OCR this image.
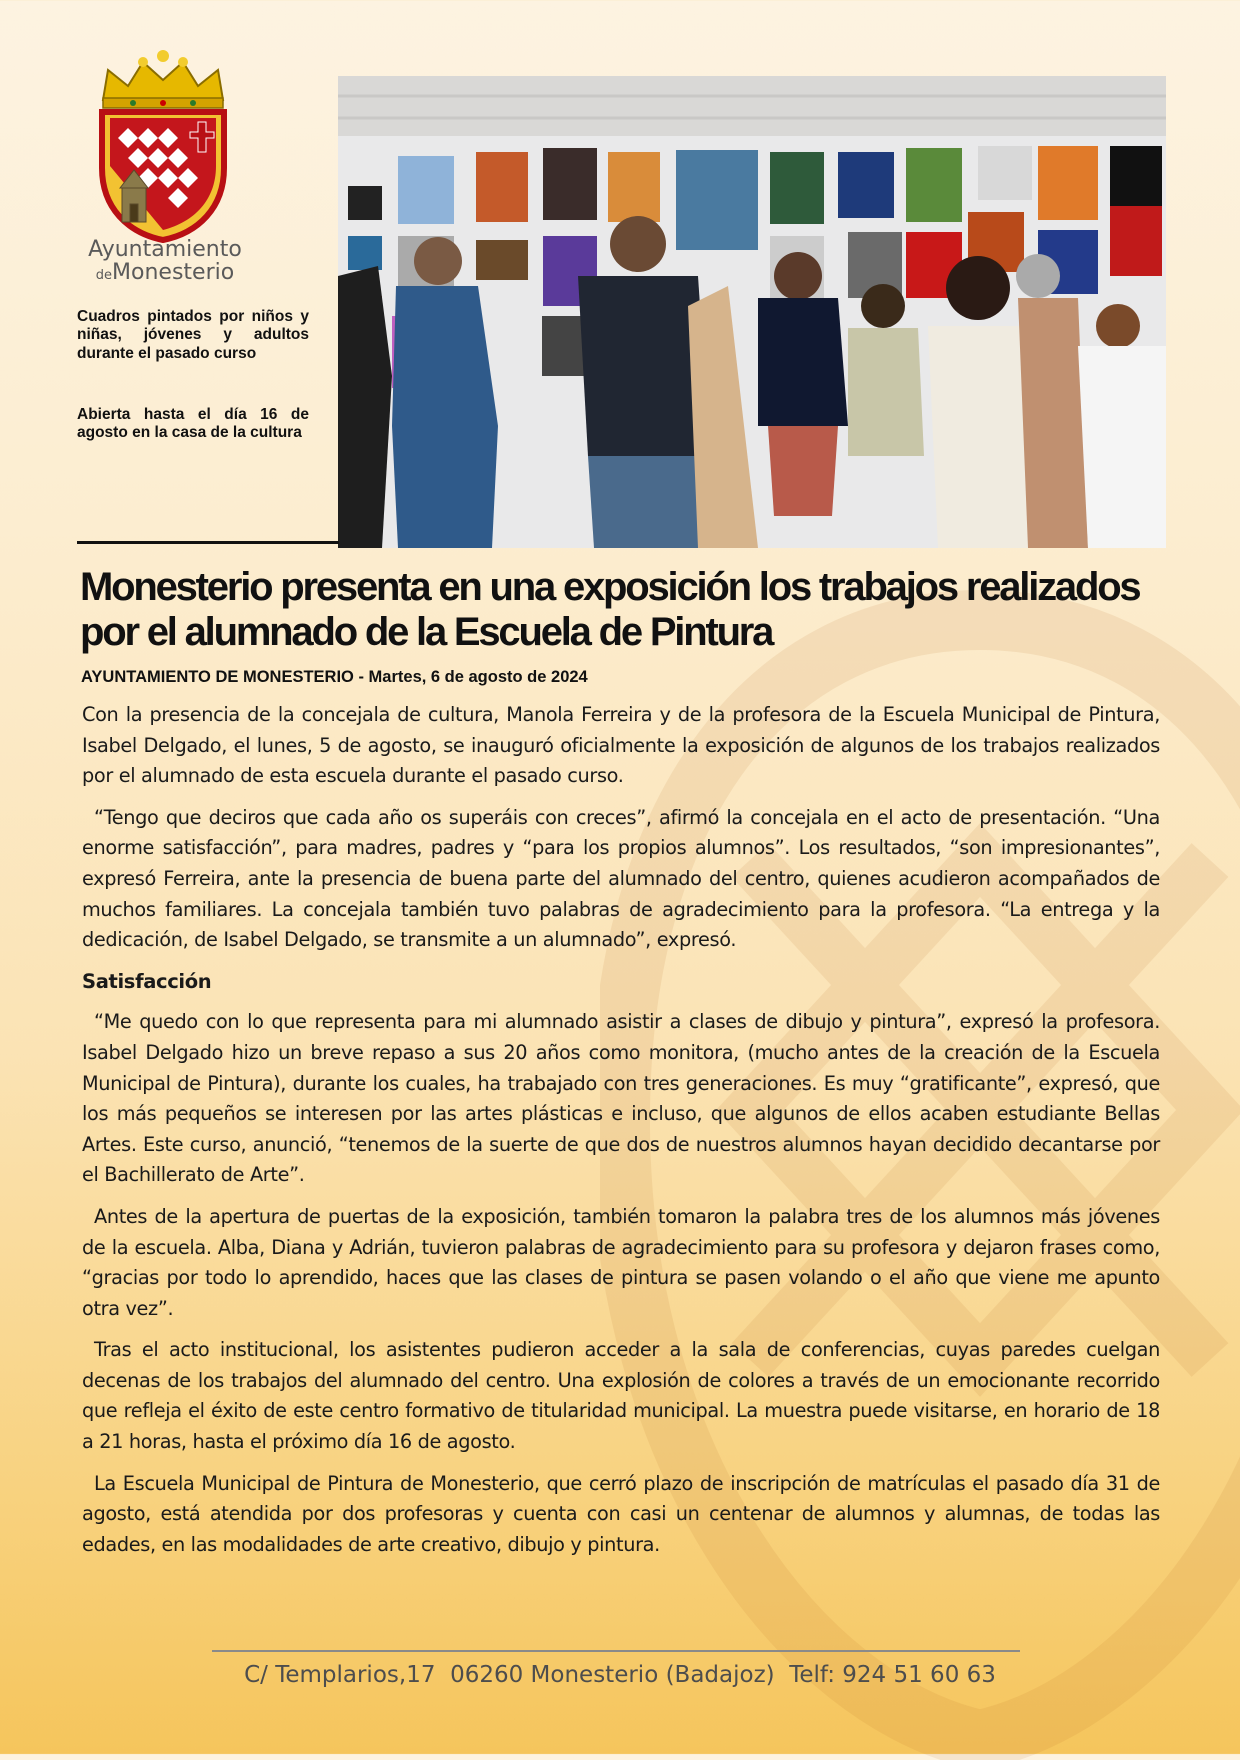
Ayuntamiento
deMonesterio
Cuadros pintados por niños y niñas, jóvenes y adultos durante el pasado curso
Abierta hasta el día 16 de agosto en la casa de la cultura
Monesterio presenta en una exposición los trabajos realizados por el alumnado de la Escuela de Pintura
AYUNTAMIENTO DE MONESTERIO - Martes, 6 de agosto de 2024

Con la presencia de la concejala de cultura, Manola Ferreira y de la profesora de la Escuela Municipal de Pintura, Isabel Delgado, el lunes, 5 de agosto, se inauguró oficialmente la exposición de algunos de los trabajos realizados por el alumnado de esta escuela durante el pasado curso.

“Tengo que deciros que cada año os superáis con creces”, afirmó la concejala en el acto de presentación. “Una enorme satisfacción”, para madres, padres y “para los propios alumnos”. Los resultados, “son impresionantes”, expresó Ferreira, ante la presencia de buena parte del alumnado del centro, quienes acudieron acompañados de muchos familiares. La concejala también tuvo palabras de agradecimiento para la profesora. “La entrega y la dedicación, de Isabel Delgado, se transmite a un alumnado”, expresó.

Satisfacción

“Me quedo con lo que representa para mi alumnado asistir a clases de dibujo y pintura”, expresó la profesora. Isabel Delgado hizo un breve repaso a sus 20 años como monitora, (mucho antes de la creación de la Escuela Municipal de Pintura), durante los cuales, ha trabajado con tres generaciones. Es muy “gratificante”, expresó, que los más pequeños se interesen por las artes plásticas e incluso, que algunos de ellos acaben estudiante Bellas Artes. Este curso, anunció, “tenemos de la suerte de que dos de nuestros alumnos hayan decidido decantarse por el Bachillerato de Arte”.

Antes de la apertura de puertas de la exposición, también tomaron la palabra tres de los alumnos más jóvenes de la escuela. Alba, Diana y Adrián, tuvieron palabras de agradecimiento para su profesora y dejaron frases como, “gracias por todo lo aprendido, haces que las clases de pintura se pasen volando o el año que viene me apunto otra vez”.

Tras el acto institucional, los asistentes pudieron acceder a la sala de conferencias, cuyas paredes cuelgan decenas de los trabajos del alumnado del centro. Una explosión de colores a través de un emocionante recorrido que refleja el éxito de este centro formativo de titularidad municipal. La muestra puede visitarse, en horario de 18 a 21 horas, hasta el próximo día 16 de agosto.

La Escuela Municipal de Pintura de Monesterio, que cerró plazo de inscripción de matrículas el pasado día 31 de agosto, está atendida por dos profesoras y cuenta con casi un centenar de alumnos y alumnas, de todas las edades, en las modalidades de arte creativo, dibujo y pintura.

C/ Templarios,17  06260 Monesterio (Badajoz)  Telf: 924 51 60 63
